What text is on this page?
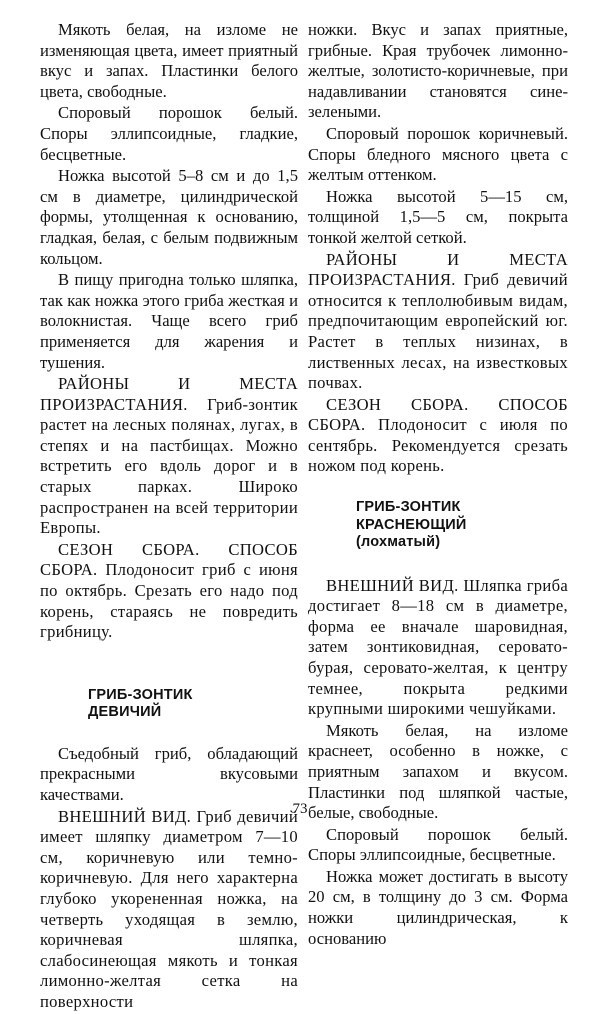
Мякоть белая, на изломе не изменяющая цвета, имеет приятный вкус и запах. Пластинки белого цвета, свободные.

Споровый порошок белый. Споры эллипсоидные, гладкие, бесцветные.

Ножка высотой 5–8 см и до 1,5 см в диаметре, цилиндрической формы, утолщенная к основанию, гладкая, белая, с белым подвижным кольцом.

В пищу пригодна только шляпка, так как ножка этого гриба жесткая и волокнистая. Чаще всего гриб применяется для жарения и тушения.

РАЙОНЫ И МЕСТА ПРОИЗРАСТАНИЯ. Гриб-зонтик растет на лесных полянах, лугах, в степях и на пастбищах. Можно встретить его вдоль дорог и в старых парках. Широко распространен на всей территории Европы.

СЕЗОН СБОРА. СПОСОБ СБОРА. Плодоносит гриб с июня по октябрь. Срезать его надо под корень, стараясь не повредить грибницу.

ГРИБ-ЗОНТИК
ДЕВИЧИЙ

Съедобный гриб, обладающий прекрасными вкусовыми качествами.

ВНЕШНИЙ ВИД. Гриб девичий имеет шляпку диаметром 7—10 см, коричневую или темно-коричневую. Для него характерна глубоко укорененная ножка, на четверть уходящая в землю, коричневая шляпка, слабосинеющая мякоть и тонкая лимонно-желтая сетка на поверхности

ножки. Вкус и запах приятные, грибные. Края трубочек лимонно-желтые, золотисто-коричневые, при надавливании становятся сине-зелеными.

Споровый порошок коричневый. Споры бледного мясного цвета с желтым оттенком.

Ножка высотой 5—15 см, толщиной 1,5—5 см, покрыта тонкой желтой сеткой.

РАЙОНЫ И МЕСТА ПРОИЗРАСТАНИЯ. Гриб девичий относится к теплолюбивым видам, предпочитающим европейский юг. Растет в теплых низинах, в лиственных лесах, на известковых почвах.

СЕЗОН СБОРА. СПОСОБ СБОРА. Плодоносит с июля по сентябрь. Рекомендуется срезать ножом под корень.

ГРИБ-ЗОНТИК
КРАСНЕЮЩИЙ
(лохматый)

ВНЕШНИЙ ВИД. Шляпка гриба достигает 8—18 см в диаметре, форма ее вначале шаровидная, затем зонтиковидная, серовато-бурая, серовато-желтая, к центру темнее, покрыта редкими крупными широкими чешуйками.

Мякоть белая, на изломе краснеет, особенно в ножке, с приятным запахом и вкусом. Пластинки под шляпкой частые, белые, свободные.

Споровый порошок белый. Споры эллипсоидные, бесцветные.

Ножка может достигать в высоту 20 см, в толщину до 3 см. Форма ножки цилиндрическая, к основанию

73
